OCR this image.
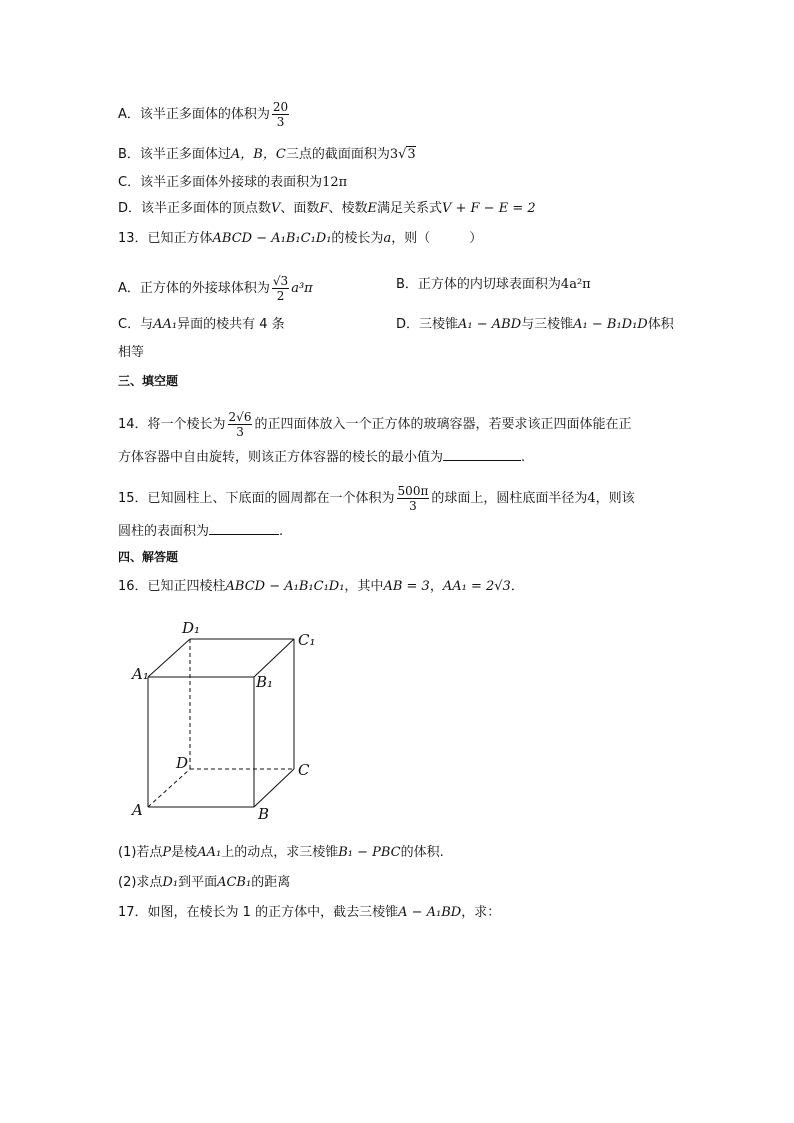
A．该半正多面体的体积为 $\frac{20}{3}$
B．该半正多面体过A，B，C三点的截面面积为3√3
C．该半正多面体外接球的表面积为12π
D．该半正多面体的顶点数V、面数F、棱数E满足关系式V + F − E = 2
13．已知正方体ABCD − A₁B₁C₁D₁的棱长为a，则（　　　）
A．正方体的外接球体积为 $\frac{√3}{2} a^3\pi$	B．正方体的内切球表面积为4a²π
C．与AA₁异面的棱共有 4 条	D．三棱锥A₁ − ABD与三棱锥A₁ − B₁D₁D体积
相等
三、填空题
14．将一个棱长为 $\frac{2√6}{3}$ 的正四面体放入一个正方体的玻璃容器，若要求该正四面体能在正
方体容器中自由旋转，则该正方体容器的棱长的最小值为	.
15．已知圆柱上、下底面的圆周都在一个体积为 $\frac{500\pi}{3}$ 的球面上，圆柱底面半径为4，则该
圆柱的表面积为	.
四、解答题
16．已知正四棱柱ABCD − A₁B₁C₁D₁，其中AB = 3，AA₁ = 2√3．
A	B
C
D
A₁	B₁
C₁
D₁
(1)若点P是棱AA₁上的动点，求三棱锥B₁ − PBC的体积.
(2)求点D₁到平面ACB₁的距离
17．如图，在棱长为 1 的正方体中，截去三棱锥A − A₁BD，求：
